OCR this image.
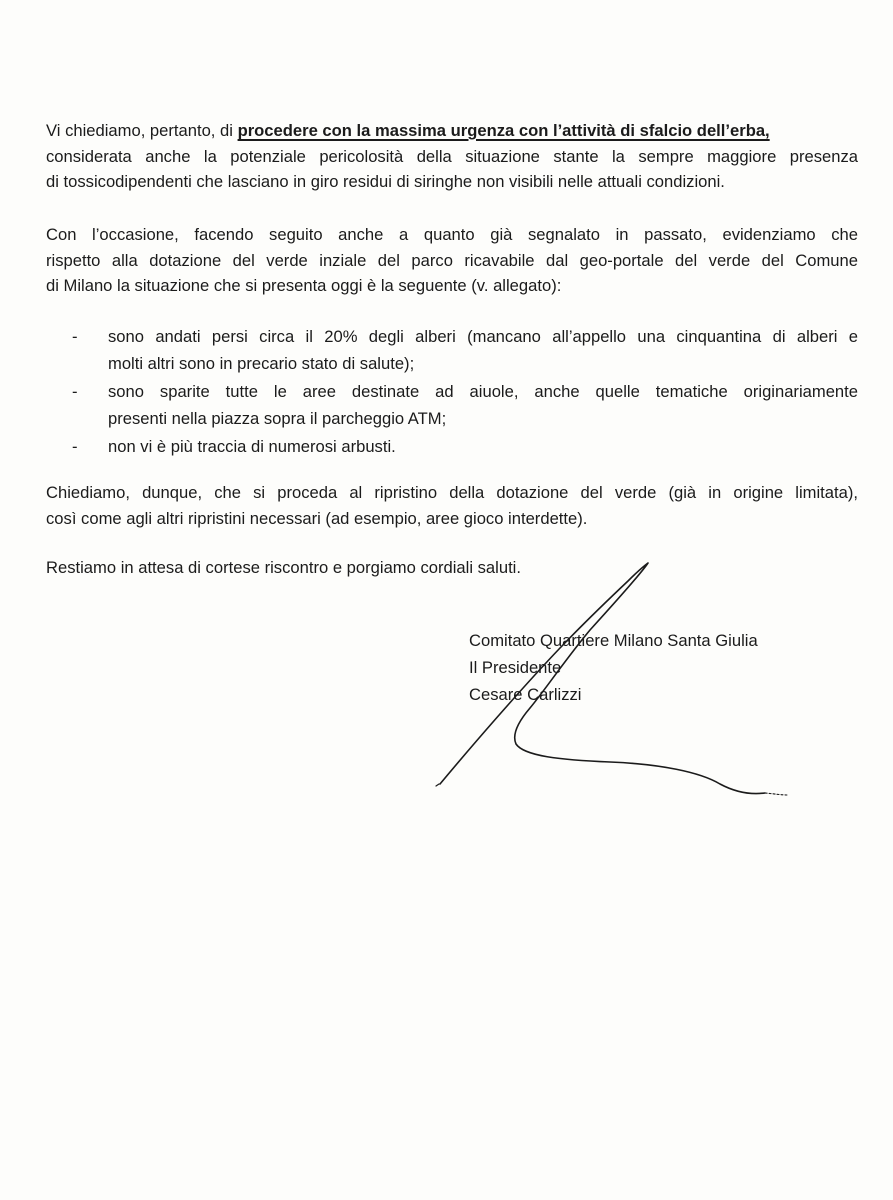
Vi chiediamo, pertanto, di procedere con la massima urgenza con l’attività di sfalcio dell’erba,
considerata anche la potenziale pericolosità della situazione stante la sempre maggiore presenza
di tossicodipendenti che lasciano in giro residui di siringhe non visibili nelle attuali condizioni.

Con l’occasione, facendo seguito anche a quanto già segnalato in passato, evidenziamo che
rispetto alla dotazione del verde inziale del parco ricavabile dal geo-portale del verde del Comune
di Milano la situazione che si presenta oggi è la seguente (v. allegato):

- sono andati persi circa il 20% degli alberi (mancano all’appello una cinquantina di alberi e
molti altri sono in precario stato di salute);
- sono sparite tutte le aree destinate ad aiuole, anche quelle tematiche originariamente
presenti nella piazza sopra il parcheggio ATM;
- non vi è più traccia di numerosi arbusti.

Chiediamo, dunque, che si proceda al ripristino della dotazione del verde (già in origine limitata),
così come agli altri ripristini necessari (ad esempio, aree gioco interdette).

Restiamo in attesa di cortese riscontro e porgiamo cordiali saluti.

Comitato Quartiere Milano Santa Giulia
Il Presidente
Cesare Carlizzi
